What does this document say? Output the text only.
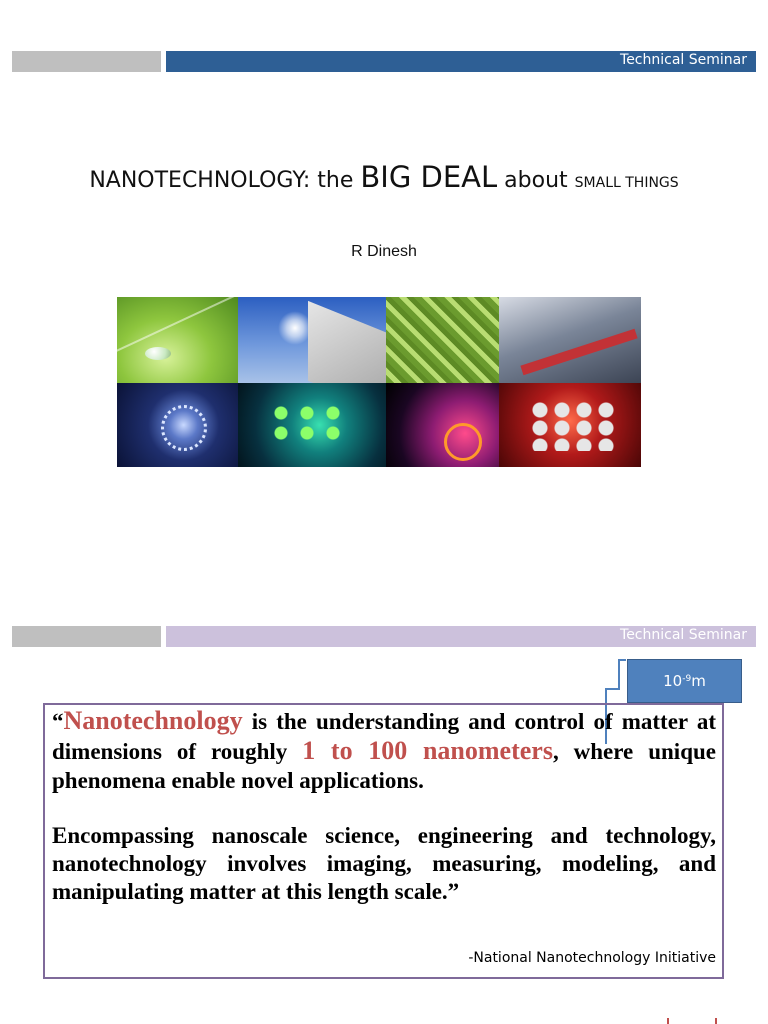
Technical Seminar
NANOTECHNOLOGY: the BIG DEAL about SMALL THINGS
R Dinesh
Technical Seminar
$10^{-9}$ m

“Nanotechnology is the understanding and control of matter at dimensions of roughly 1 to 100 nanometers, where unique phenomena enable novel applications.

Encompassing nanoscale science, engineering and technology, nanotechnology involves imaging, measuring, modeling, and manipulating matter at this length scale.”

-National Nanotechnology Initiative
